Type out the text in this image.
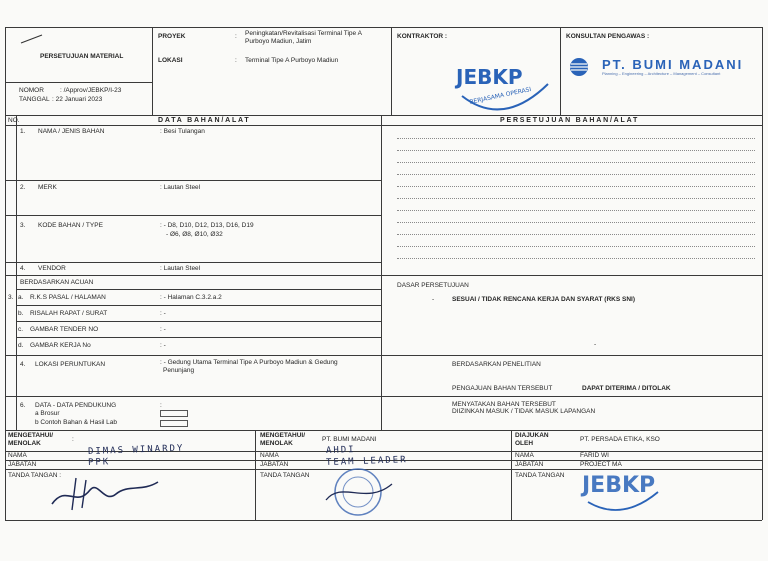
PERSETUJUAN MATERIAL
NOMOR : /Approv/JEBKP/I-23
TANGGAL : 22 Januari 2023
PROYEK	: Peningkatan/Revitalisasi Terminal Tipe A
Purboyo Madiun, Jatim
LOKASI	: Terminal Tipe A Purboyo Madiun
KONTRAKTOR :
JEBKP
BERJASAMA OPERASI
KONSULTAN PENGAWAS :
PT. BUMI MADANI
Planning – Engineering – Architecture – Management – Consultant
NO.	DATA BAHAN/ALAT	PERSETUJUAN BAHAN/ALAT
1. NAMA / JENIS BAHAN	: Besi Tulangan
2. MERK	: Lautan Steel
3. KODE BAHAN / TYPE	: - D8, D10, D12, D13, D16, D19
- Ø6, Ø8, Ø10, Ø32
4. VENDOR	: Lautan Steel
BERDASARKAN ACUAN
3. a. R.K.S PASAL / HALAMAN	: - Halaman C.3.2.a.2
b. RISALAH RAPAT / SURAT	: -
c. GAMBAR TENDER NO	: -
d. GAMBAR KERJA No	: -
4. LOKASI PERUNTUKAN	: - Gedung Utama Terminal Tipe A Purboyo Madiun & Gedung
Penunjang
6. DATA - DATA PENDUKUNG	:
a Brosur
b Contoh Bahan & Hasil Lab
DASAR PERSETUJUAN
-	SESUAI / TIDAK RENCANA KERJA DAN SYARAT (RKS SNI)
-
BERDASARKAN PENELITIAN
PENGAJUAN BAHAN TERSEBUT	DAPAT DITERIMA / DITOLAK
MENYATAKAN BAHAN TERSEBUT
DIIZINKAN MASUK / TIDAK MASUK LAPANGAN
MENGETAHUI/
MENOLAK
:
NAMA	DIMAS WINARDY
JABATAN	PPK
TANDA TANGAN :
MENGETAHUI/
MENOLAK
PT. BUMI MADANI
NAMA	AHDI
JABATAN	TEAM LEADER
TANDA TANGAN
DIAJUKAN
OLEH
PT. PERSADA ETIKA, KSO
NAMA	FARID WI
JABATAN	PROJECT MA
TANDA TANGAN JEBKP
